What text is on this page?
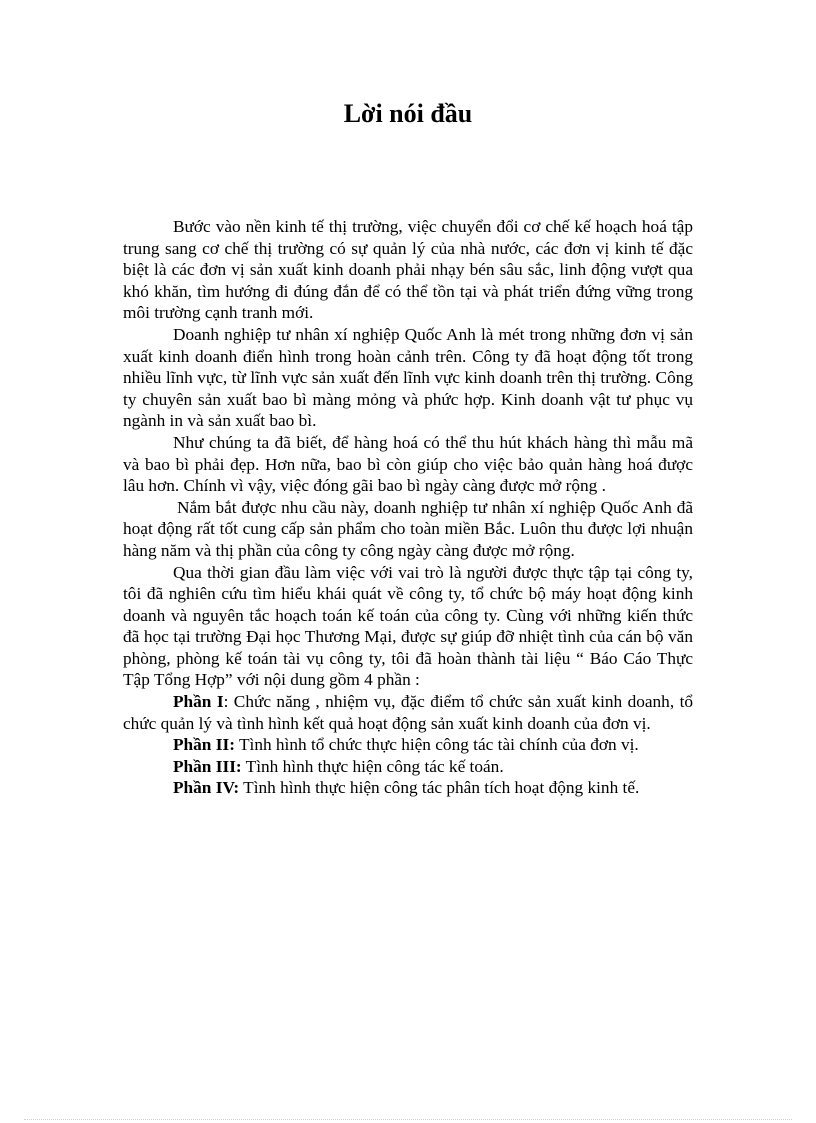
Lời nói đầu

Bước vào nền kinh tế thị trường, việc chuyển đổi cơ chế kế hoạch hoá tập trung sang cơ chế thị trường có sự quản lý của nhà nước, các đơn vị kinh tế đặc biệt là các đơn vị sản xuất kinh doanh phải nhạy bén sâu sắc, linh động vượt qua khó khăn, tìm hướng đi đúng đắn để có thể tồn tại và phát triển đứng vững trong môi trường cạnh tranh mới.

Doanh nghiệp tư nhân xí nghiệp Quốc Anh là mét trong những đơn vị sản xuất kinh doanh điển hình trong hoàn cảnh trên. Công ty đã hoạt động tốt trong nhiều lĩnh vực, từ lĩnh vực sản xuất đến lĩnh vực kinh doanh trên thị trường. Công ty chuyên sản xuất bao bì màng mỏng và phức hợp. Kinh doanh vật tư phục vụ ngành in và sản xuất bao bì.

Như chúng ta đã biết, để hàng hoá có thể thu hút khách hàng thì mẫu mã và bao bì phải đẹp. Hơn nữa, bao bì còn giúp cho việc bảo quản hàng hoá được lâu hơn. Chính vì vậy, việc đóng gãi bao bì ngày càng được mở rộng .

Nắm bắt được nhu cầu này, doanh nghiệp tư nhân xí nghiệp Quốc Anh đã hoạt động rất tốt cung cấp sản phẩm cho toàn miền Bắc. Luôn thu được lợi nhuận hàng năm và thị phần của công ty công ngày càng được mở rộng.

Qua thời gian đầu làm việc với vai trò là người được thực tập tại công ty, tôi đã nghiên cứu tìm hiểu khái quát về công ty, tổ chức bộ máy hoạt động kinh doanh và nguyên tắc hoạch toán kế toán của công ty. Cùng với những kiến thức đã học tại trường Đại học Thương Mại, được sự giúp đỡ nhiệt tình của cán bộ văn phòng, phòng kế toán tài vụ công ty, tôi đã hoàn thành tài liệu “ Báo Cáo Thực Tập Tổng Hợp” với nội dung gồm 4 phần :

Phần I: Chức năng , nhiệm vụ, đặc điểm tổ chức sản xuất kinh doanh, tổ chức quản lý và tình hình kết quả hoạt động sản xuất kinh doanh của đơn vị.

Phần II: Tình hình tổ chức thực hiện công tác tài chính của đơn vị.

Phần III: Tình hình thực hiện công tác kế toán.

Phần IV: Tình hình thực hiện công tác phân tích hoạt động kinh tế.
